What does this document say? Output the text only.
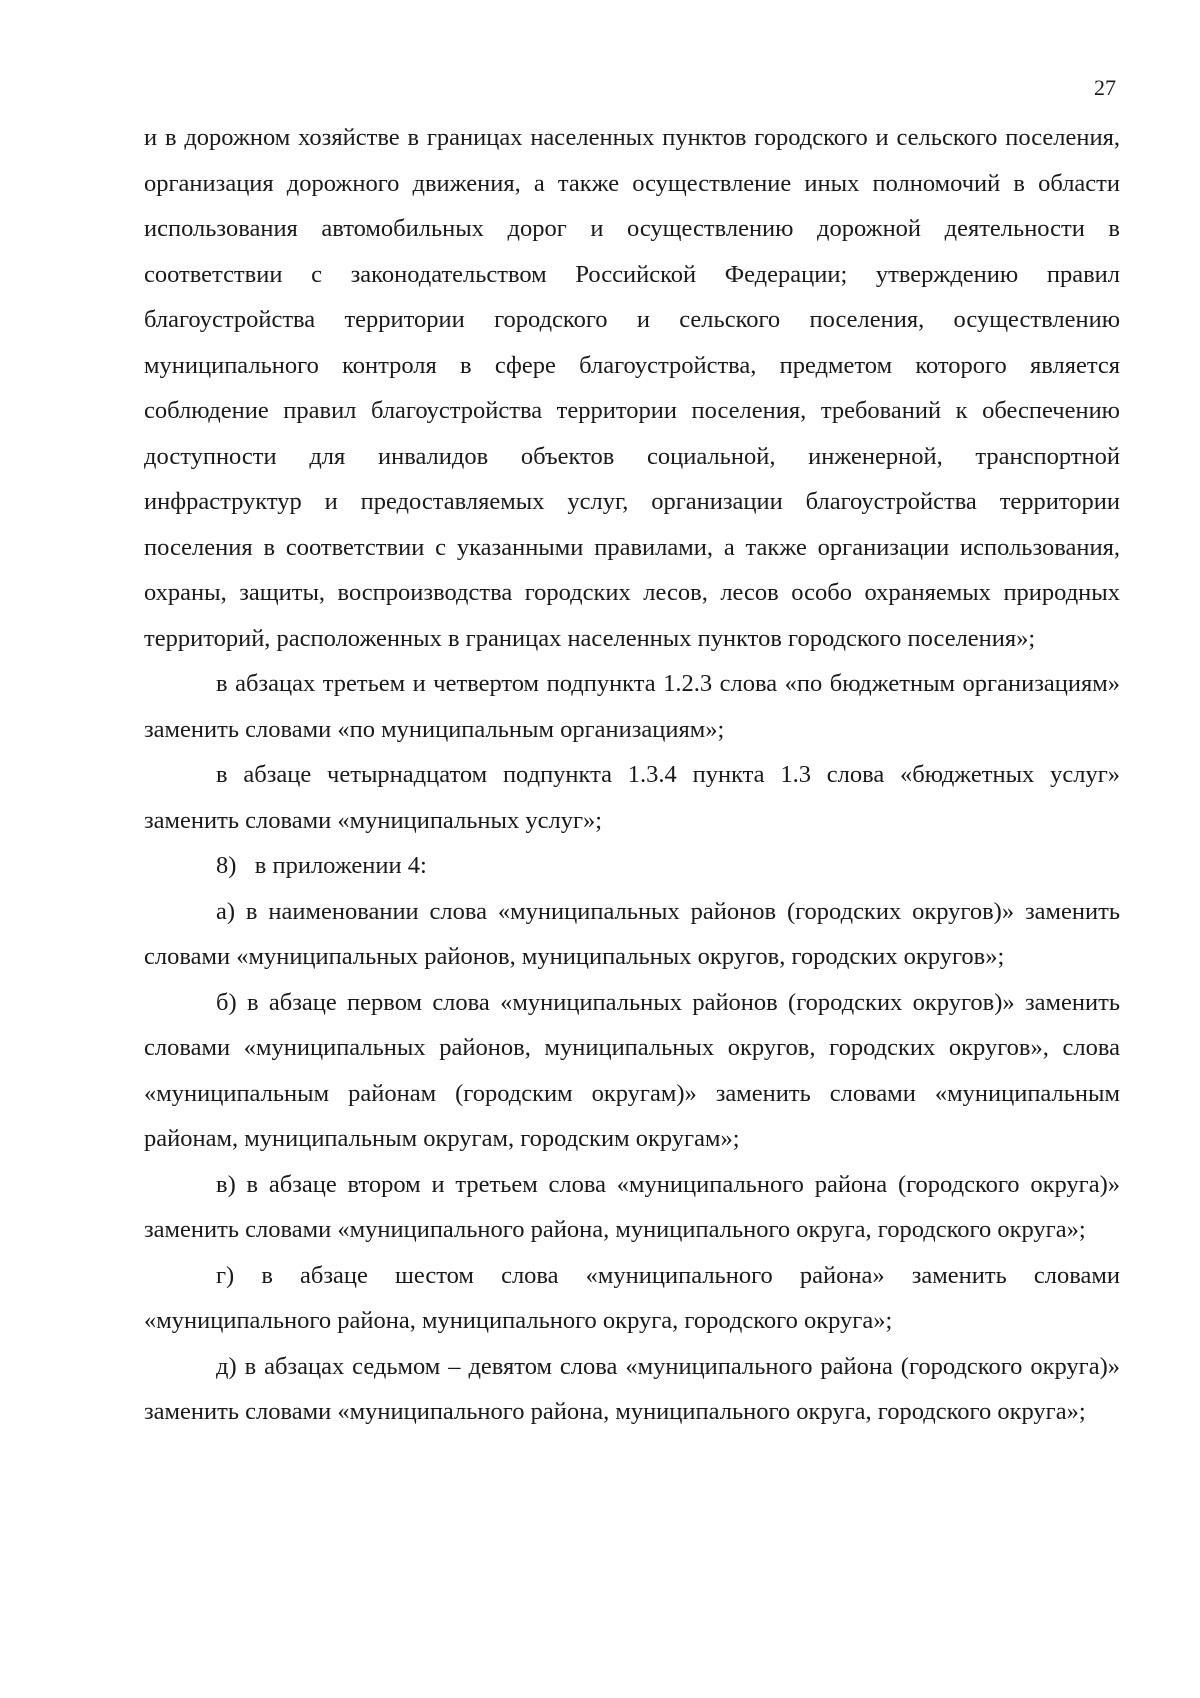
27

и в дорожном хозяйстве в границах населенных пунктов городского и сельского поселения, организация дорожного движения, а также осуществление иных полномочий в области использования автомобильных дорог и осуществлению дорожной деятельности в соответствии с законодательством Российской Федерации; утверждению правил благоустройства территории городского и сельского поселения, осуществлению муниципального контроля в сфере благоустройства, предметом которого является соблюдение правил благоустройства территории поселения, требований к обеспечению доступности для инвалидов объектов социальной, инженерной, транспортной инфраструктур и предоставляемых услуг, организации благоустройства территории поселения в соответствии с указанными правилами, а также организации использования, охраны, защиты, воспроизводства городских лесов, лесов особо охраняемых природных территорий, расположенных в границах населенных пунктов городского поселения»;

в абзацах третьем и четвертом подпункта 1.2.3 слова «по бюджетным организациям» заменить словами «по муниципальным организациям»;

в абзаце четырнадцатом подпункта 1.3.4 пункта 1.3 слова «бюджетных услуг» заменить словами «муниципальных услуг»;

8)   в приложении 4:

а) в наименовании слова «муниципальных районов (городских округов)» заменить словами «муниципальных районов, муниципальных округов, городских округов»;

б) в абзаце первом слова «муниципальных районов (городских округов)» заменить словами «муниципальных районов, муниципальных округов, городских округов», слова «муниципальным районам (городским округам)» заменить словами «муниципальным районам, муниципальным округам, городским округам»;

в) в абзаце втором и третьем слова «муниципального района (городского округа)» заменить словами «муниципального района, муниципального округа, городского округа»;

г) в абзаце шестом слова «муниципального района» заменить словами «муниципального района, муниципального округа, городского округа»;

д) в абзацах седьмом – девятом слова «муниципального района (городского округа)» заменить словами «муниципального района, муниципального округа, городского округа»;
